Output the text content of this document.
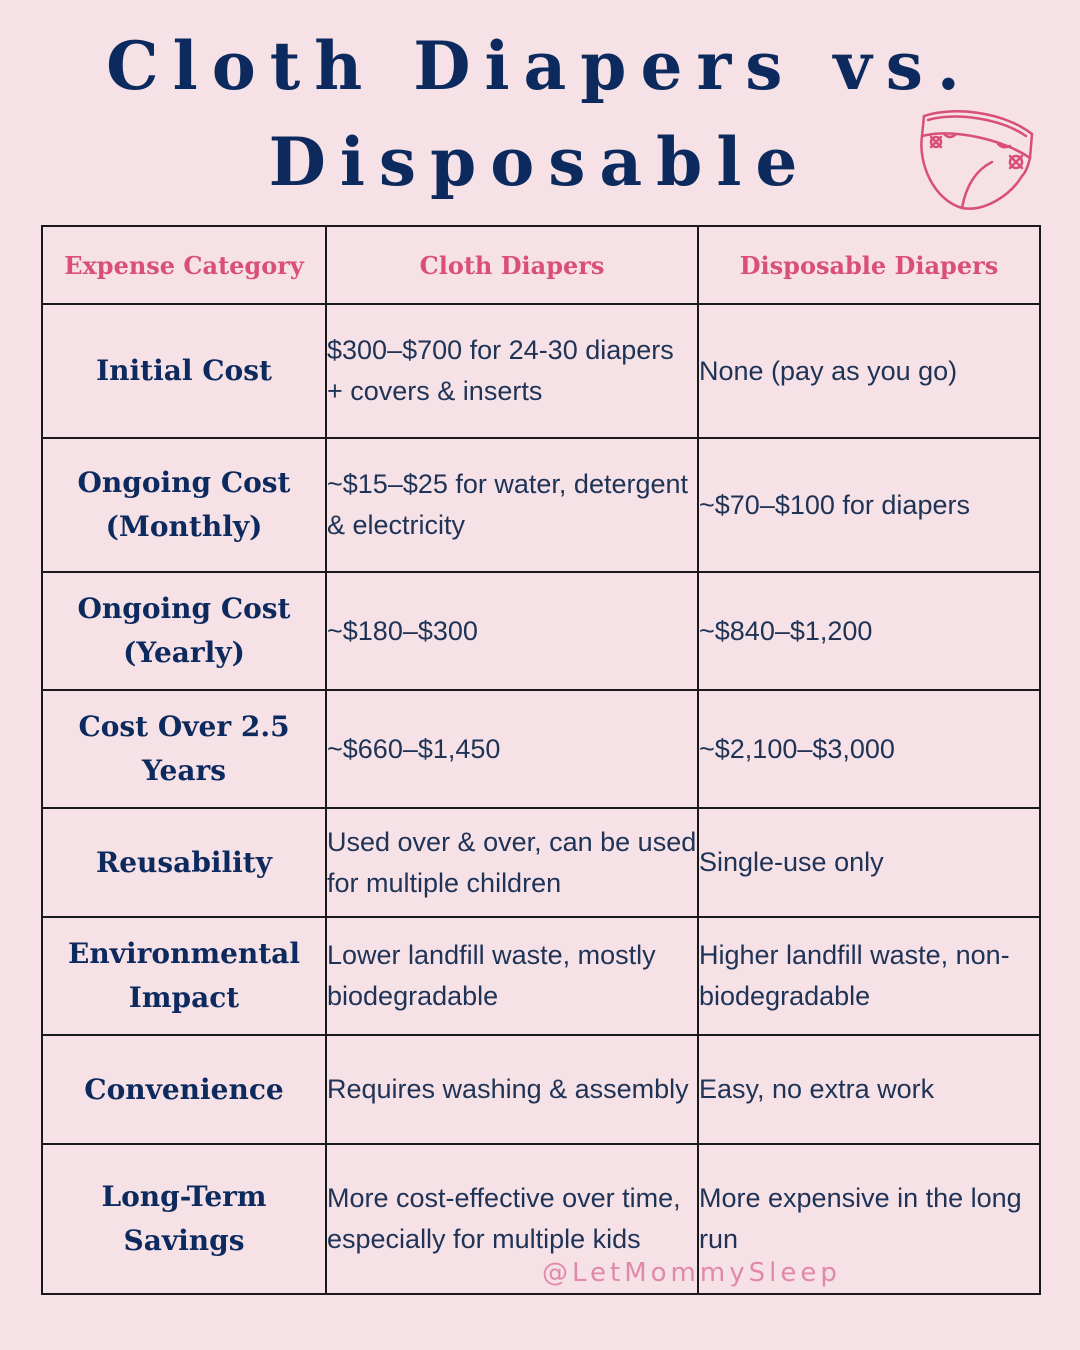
Cloth Diapers vs.
Disposable
Expense Category	Cloth Diapers	Disposable Diapers
Initial Cost	$300–$700 for 24-30 diapers + covers & inserts	None (pay as you go)
Ongoing Cost (Monthly)	~$15–$25 for water, detergent & electricity	~$70–$100 for diapers
Ongoing Cost (Yearly)	~$180–$300	~$840–$1,200
Cost Over 2.5 Years	~$660–$1,450	~$2,100–$3,000
Reusability	Used over & over, can be used for multiple children	Single-use only
Environmental Impact	Lower landfill waste, mostly biodegradable	Higher landfill waste, non-biodegradable
Convenience	Requires washing & assembly	Easy, no extra work
Long-Term Savings	More cost-effective over time, especially for multiple kids	More expensive in the long run
@LetMommySleep
